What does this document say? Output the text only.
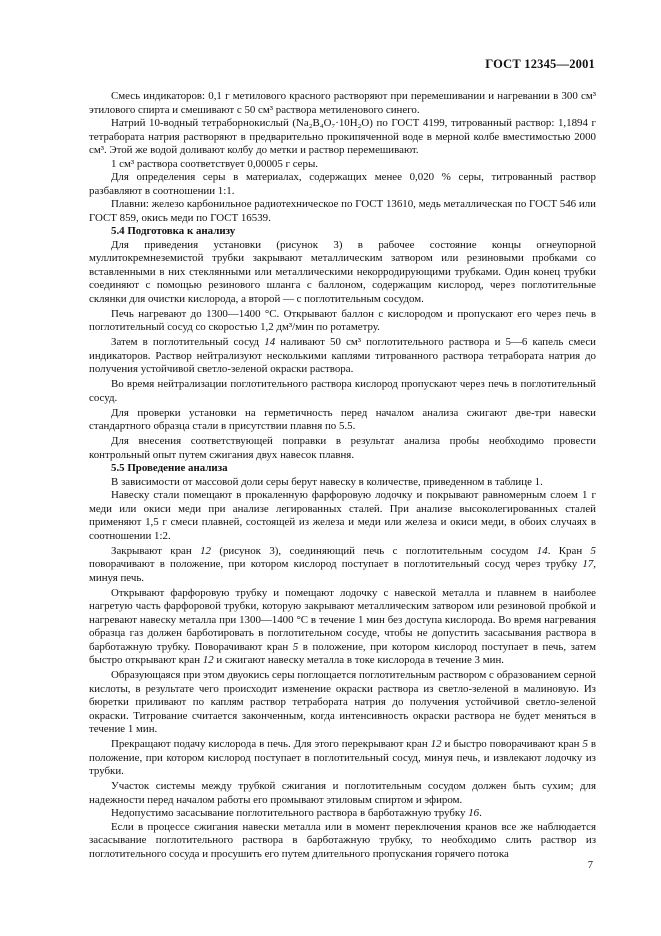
ГОСТ 12345—2001

Смесь индикаторов: 0,1 г метилового красного растворяют при перемешивании и нагревании в 300 см³ этилового спирта и смешивают с 50 см³ раствора метиленового синего.

Натрий 10-водный тетраборнокислый (Na₂B₄O₇·10H₂O) по ГОСТ 4199, титрованный раствор: 1,1894 г тетрабората натрия растворяют в предварительно прокипяченной воде в мерной колбе вместимостью 2000 см³. Этой же водой доливают колбу до метки и раствор перемешивают.

1 см³ раствора соответствует 0,00005 г серы.

Для определения серы в материалах, содержащих менее 0,020 % серы, титрованный раствор разбавляют в соотношении 1:1.

Плавни: железо карбонильное радиотехническое по ГОСТ 13610, медь металлическая по ГОСТ 546 или ГОСТ 859, окись меди по ГОСТ 16539.

5.4 Подготовка к анализу

Для приведения установки (рисунок 3) в рабочее состояние концы огнеупорной муллитокремнеземистой трубки закрывают металлическим затвором или резиновыми пробками со вставленными в них стеклянными или металлическими некорродирующими трубками. Один конец трубки соединяют с помощью резинового шланга с баллоном, содержащим кислород, через поглотительные склянки для очистки кислорода, а второй — с поглотительным сосудом.

Печь нагревают до 1300—1400 °С. Открывают баллон с кислородом и пропускают его через печь в поглотительный сосуд со скоростью 1,2 дм³/мин по ротаметру.

Затем в поглотительный сосуд 14 наливают 50 см³ поглотительного раствора и 5—6 капель смеси индикаторов. Раствор нейтрализуют несколькими каплями титрованного раствора тетрабората натрия до получения устойчивой светло-зеленой окраски раствора.

Во время нейтрализации поглотительного раствора кислород пропускают через печь в поглотительный сосуд.

Для проверки установки на герметичность перед началом анализа сжигают две-три навески стандартного образца стали в присутствии плавня по 5.5.

Для внесения соответствующей поправки в результат анализа пробы необходимо провести контрольный опыт путем сжигания двух навесок плавня.

5.5 Проведение анализа

В зависимости от массовой доли серы берут навеску в количестве, приведенном в таблице 1.

Навеску стали помещают в прокаленную фарфоровую лодочку и покрывают равномерным слоем 1 г меди или окиси меди при анализе легированных сталей. При анализе высоколегированных сталей применяют 1,5 г смеси плавней, состоящей из железа и меди или железа и окиси меди, в обоих случаях в соотношении 1:2.

Закрывают кран 12 (рисунок 3), соединяющий печь с поглотительным сосудом 14. Кран 5 поворачивают в положение, при котором кислород поступает в поглотительный сосуд через трубку 17, минуя печь.

Открывают фарфоровую трубку и помещают лодочку с навеской металла и плавнем в наиболее нагретую часть фарфоровой трубки, которую закрывают металлическим затвором или резиновой пробкой и нагревают навеску металла при 1300—1400 °С в течение 1 мин без доступа кислорода. Во время нагревания образца газ должен барботировать в поглотительном сосуде, чтобы не допустить засасывания раствора в барботажную трубку. Поворачивают кран 5 в положение, при котором кислород поступает в печь, затем быстро открывают кран 12 и сжигают навеску металла в токе кислорода в течение 3 мин.

Образующаяся при этом двуокись серы поглощается поглотительным раствором с образованием серной кислоты, в результате чего происходит изменение окраски раствора из светло-зеленой в малиновую. Из бюретки приливают по каплям раствор тетрабората натрия до получения устойчивой светло-зеленой окраски. Титрование считается законченным, когда интенсивность окраски раствора не будет меняться в течение 1 мин.

Прекращают подачу кислорода в печь. Для этого перекрывают кран 12 и быстро поворачивают кран 5 в положение, при котором кислород поступает в поглотительный сосуд, минуя печь, и извлекают лодочку из трубки.

Участок системы между трубкой сжигания и поглотительным сосудом должен быть сухим; для надежности перед началом работы его промывают этиловым спиртом и эфиром.

Недопустимо засасывание поглотительного раствора в барботажную трубку 16.

Если в процессе сжигания навески металла или в момент переключения кранов все же наблюдается засасывание поглотительного раствора в барботажную трубку, то необходимо слить раствор из поглотительного сосуда и просушить его путем длительного пропускания горячего потока

7
